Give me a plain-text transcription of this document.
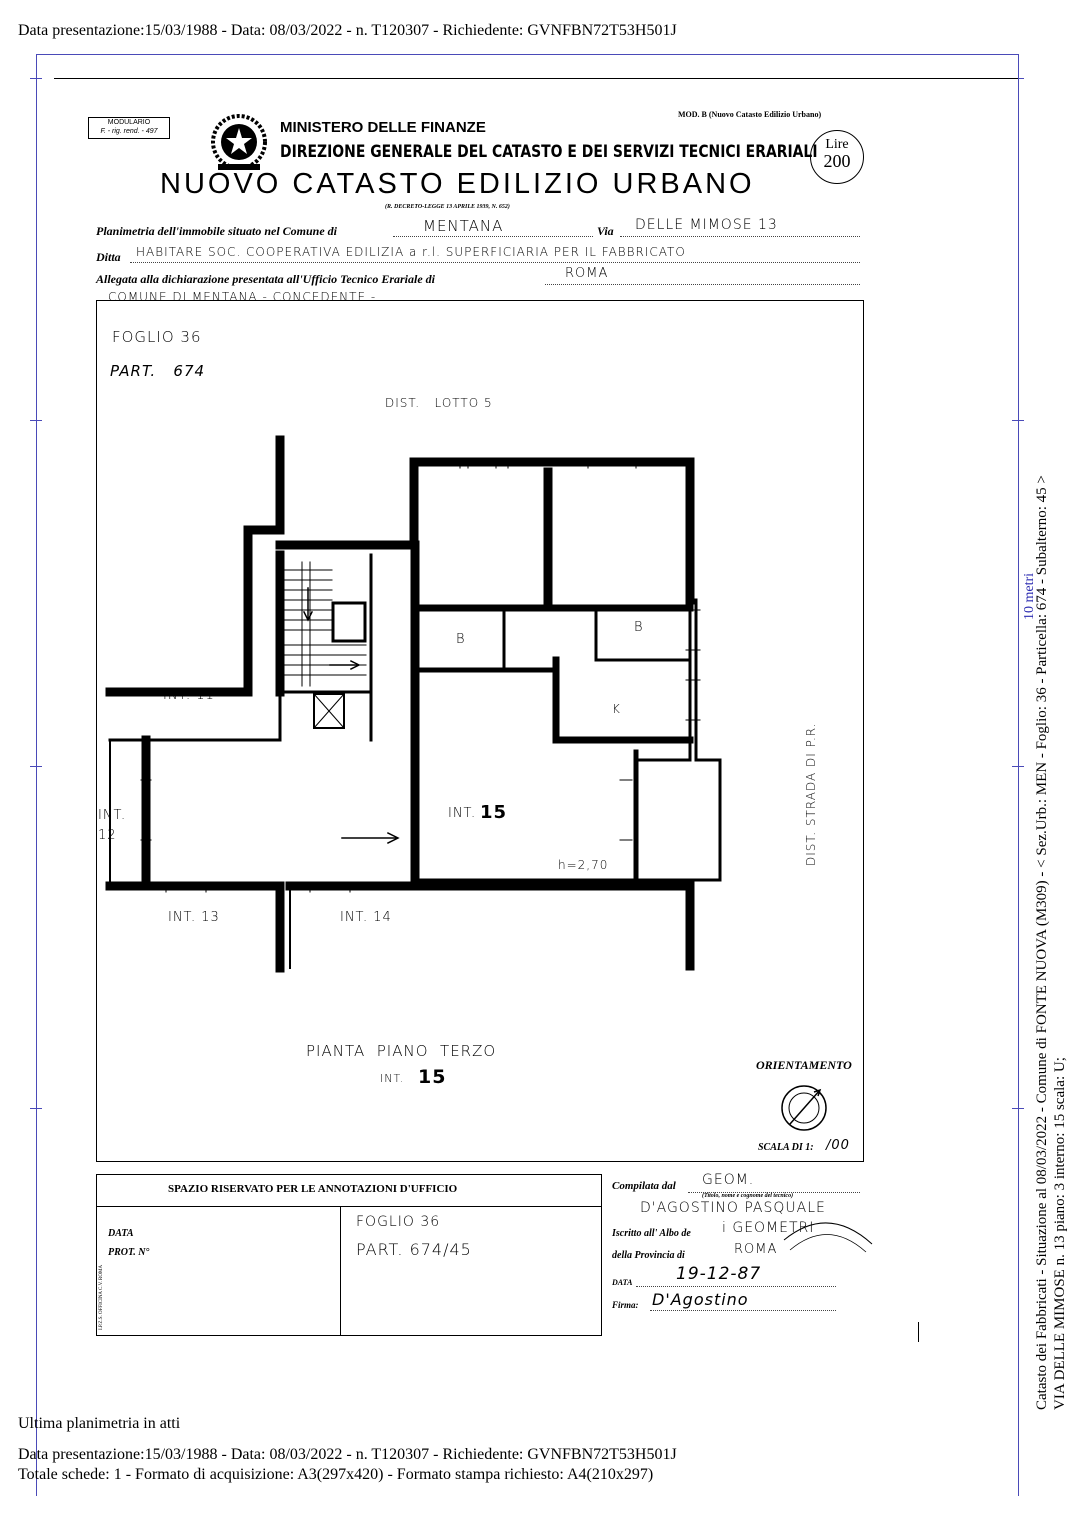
Data presentazione:15/03/1988 - Data: 08/03/2022 - n. T120307 - Richiedente: GVNFBN72T53H501J
MODULARIO
F. - rig. rend. - 497	MINISTERO DELLE FINANZE
DIREZIONE GENERALE DEL CATASTO E DEI SERVIZI TECNICI ERARIALI
NUOVO CATASTO EDILIZIO URBANO
(R. DECRETO-LEGGE 13 APRILE 1939, N. 652)
MOD. B (Nuovo Catasto Edilizio Urbano)
Lire
200
Planimetria dell'immobile situato nel Comune di	MENTANA	Via DELLE MIMOSE 13
Ditta HABITARE SOC. COOPERATIVA EDILIZIA a r.l. SUPERFICIARIA PER IL FABBRICATO
Allegata alla dichiarazione presentata all'Ufficio Tecnico Erariale di	ROMA
COMUNE DI MENTANA - CONCEDENTE -
FOGLIO 36
PART.   674
DIST.   LOTTO 5
B
B
K
INT. 11
INT.
12
INT. 13	INT. 14
INT. 15
h=2,70	DIST. STRADA DI P.R.
PIANTA  PIANO  TERZO
INT. 15
ORIENTAMENTO
SCALA DI 1: /00
SPAZIO RISERVATO PER LE ANNOTAZIONI D'UFFICIO
DATA
PROT. N°
FOGLIO 36
PART. 674/45
I.P.Z.S. OFFICINA C.V. ROMA
Compilata dal GEOM.
(Titolo, nome e cognome del tecnico)
D'AGOSTINO PASQUALE
Iscritto all' Albo de i GEOMETRI
della Provincia di	ROMA
DATA	19-12-87
Firma: D'Agostino
Ultima planimetria in atti
Data presentazione:15/03/1988 - Data: 08/03/2022 - n. T120307 - Richiedente: GVNFBN72T53H501J
Totale schede: 1 - Formato di acquisizione: A3(297x420) - Formato stampa richiesto: A4(210x297)
Catasto dei Fabbricati - Situazione al 08/03/2022 - Comune di FONTE NUOVA (M309) - < Sez.Urb.: MEN - Foglio: 36 - Particella: 674 - Subalterno: 45 > VIA DELLE MIMOSE n. 13 piano: 3 interno: 15 scala: U;
10 metri
